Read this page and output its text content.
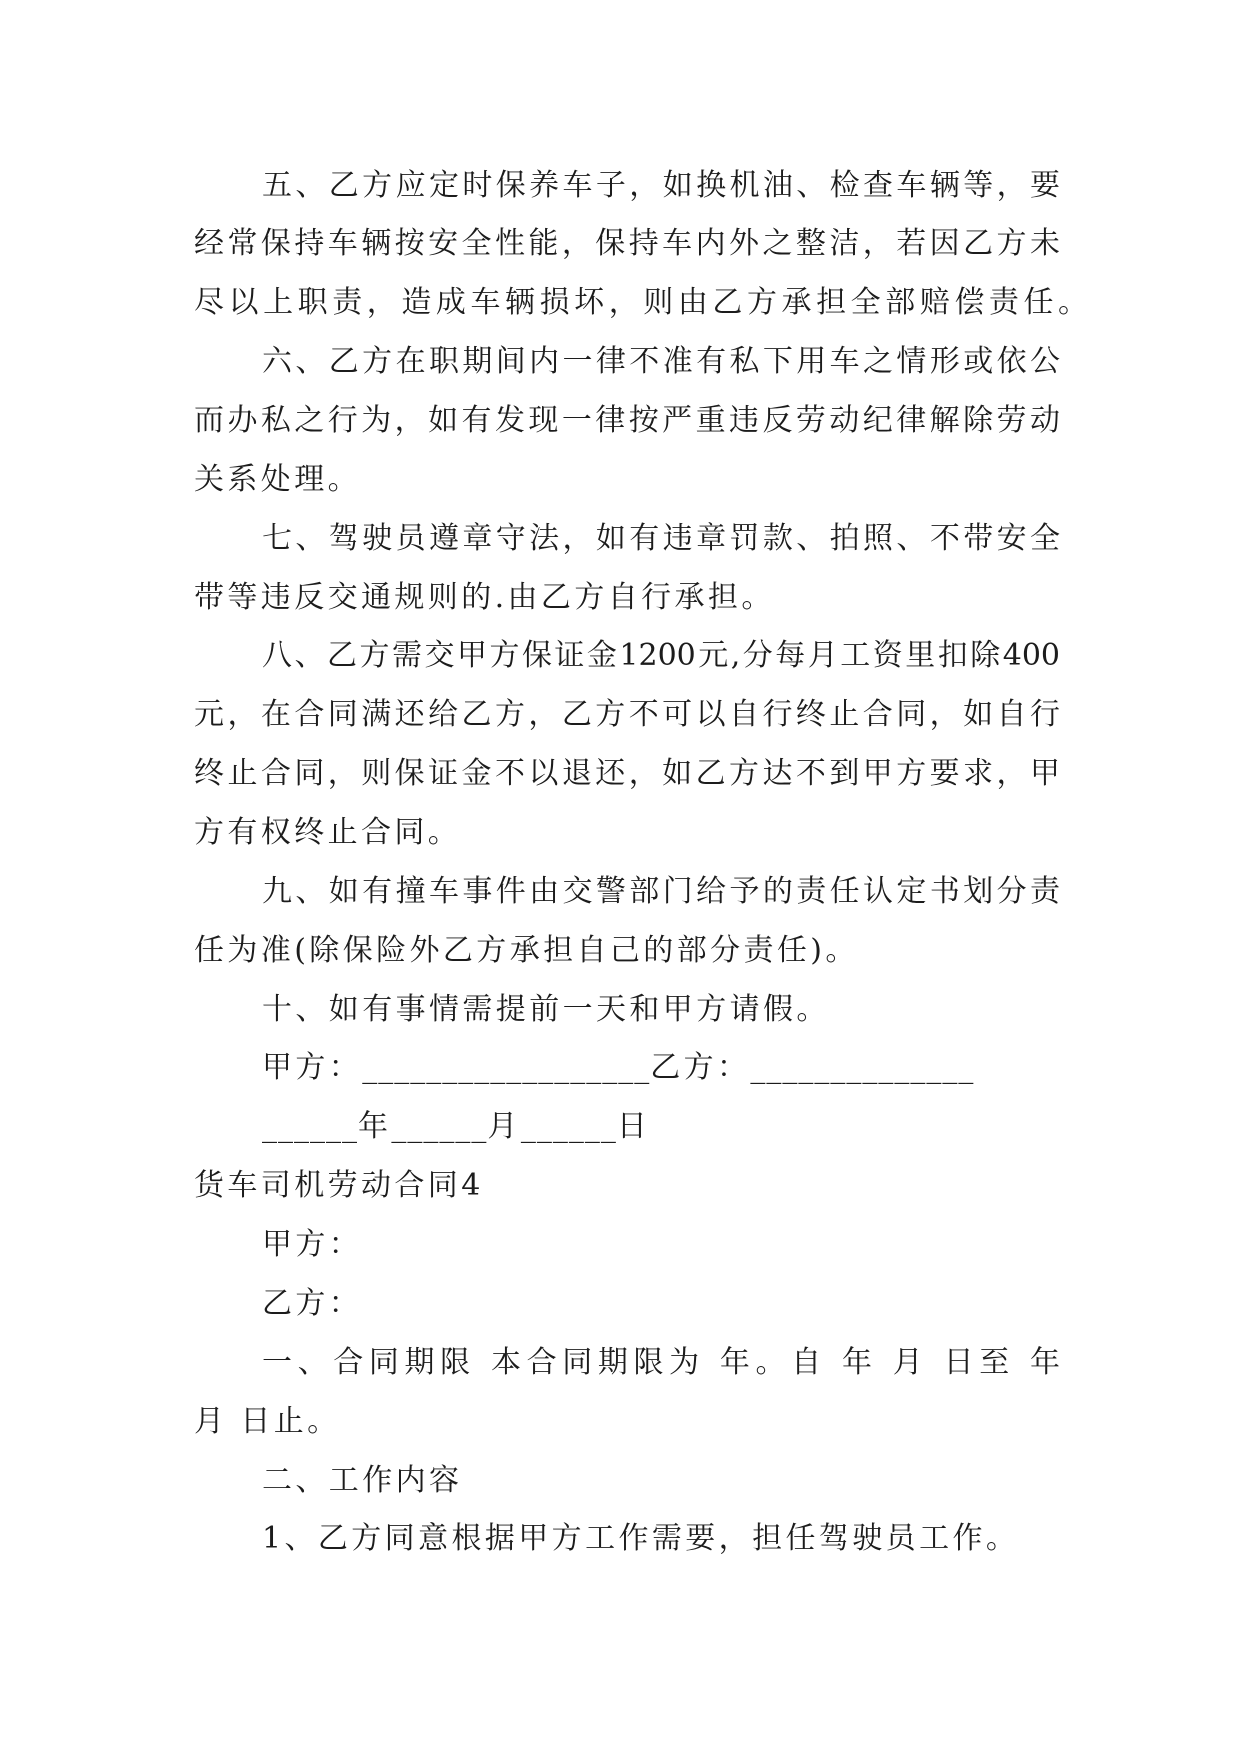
五、乙方应定时保养车子，如换机油、检查车辆等，要
经常保持车辆按安全性能，保持车内外之整洁，若因乙方未
尽以上职责，造成车辆损坏，则由乙方承担全部赔偿责任。
六、乙方在职期间内一律不准有私下用车之情形或依公
而办私之行为，如有发现一律按严重违反劳动纪律解除劳动
关系处理。
七、驾驶员遵章守法，如有违章罚款、拍照、不带安全
带等违反交通规则的.由乙方自行承担。
八、乙方需交甲方保证金1200元,分每月工资里扣除400
元，在合同满还给乙方，乙方不可以自行终止合同，如自行
终止合同，则保证金不以退还，如乙方达不到甲方要求，甲
方有权终止合同。
九、如有撞车事件由交警部门给予的责任认定书划分责
任为准(除保险外乙方承担自己的部分责任)。
十、如有事情需提前一天和甲方请假。
甲方：__________________乙方：______________
______年______月______日
货车司机劳动合同4
甲方：
乙方：
一、合同期限 本合同期限为 年。自 年 月 日至 年
月 日止。
二、工作内容
1、乙方同意根据甲方工作需要，担任驾驶员工作。
